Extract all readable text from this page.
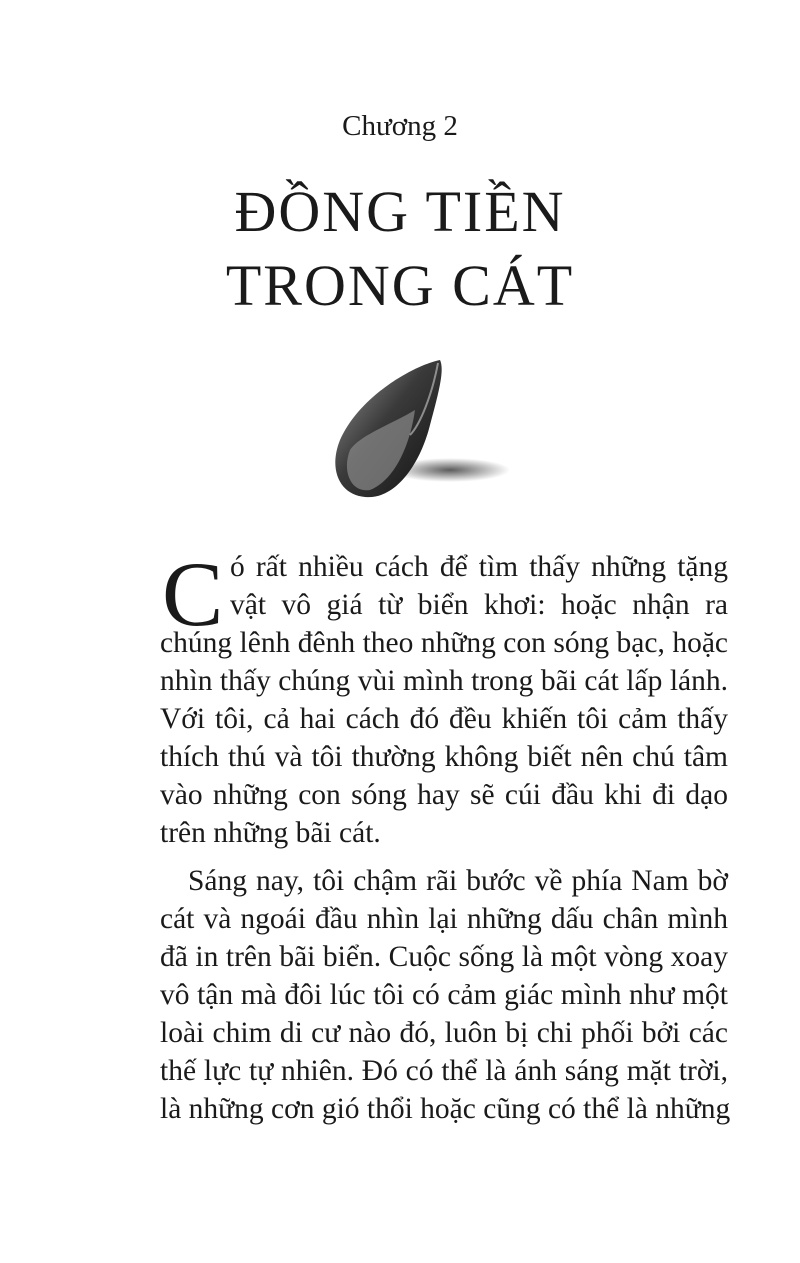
Chương 2
ĐỒNG TIỀN
TRONG CÁT
C ó rất nhiều cách để tìm thấy những tặng
vật vô giá từ biển khơi: hoặc nhận ra
chúng lênh đênh theo những con sóng bạc, hoặc
nhìn thấy chúng vùi mình trong bãi cát lấp lánh.
Với tôi, cả hai cách đó đều khiến tôi cảm thấy
thích thú và tôi thường không biết nên chú tâm
vào những con sóng hay sẽ cúi đầu khi đi dạo
trên những bãi cát.
Sáng nay, tôi chậm rãi bước về phía Nam bờ
cát và ngoái đầu nhìn lại những dấu chân mình
đã in trên bãi biển. Cuộc sống là một vòng xoay
vô tận mà đôi lúc tôi có cảm giác mình như một
loài chim di cư nào đó, luôn bị chi phối bởi các
thế lực tự nhiên. Đó có thể là ánh sáng mặt trời,
là những cơn gió thổi hoặc cũng có thể là những
